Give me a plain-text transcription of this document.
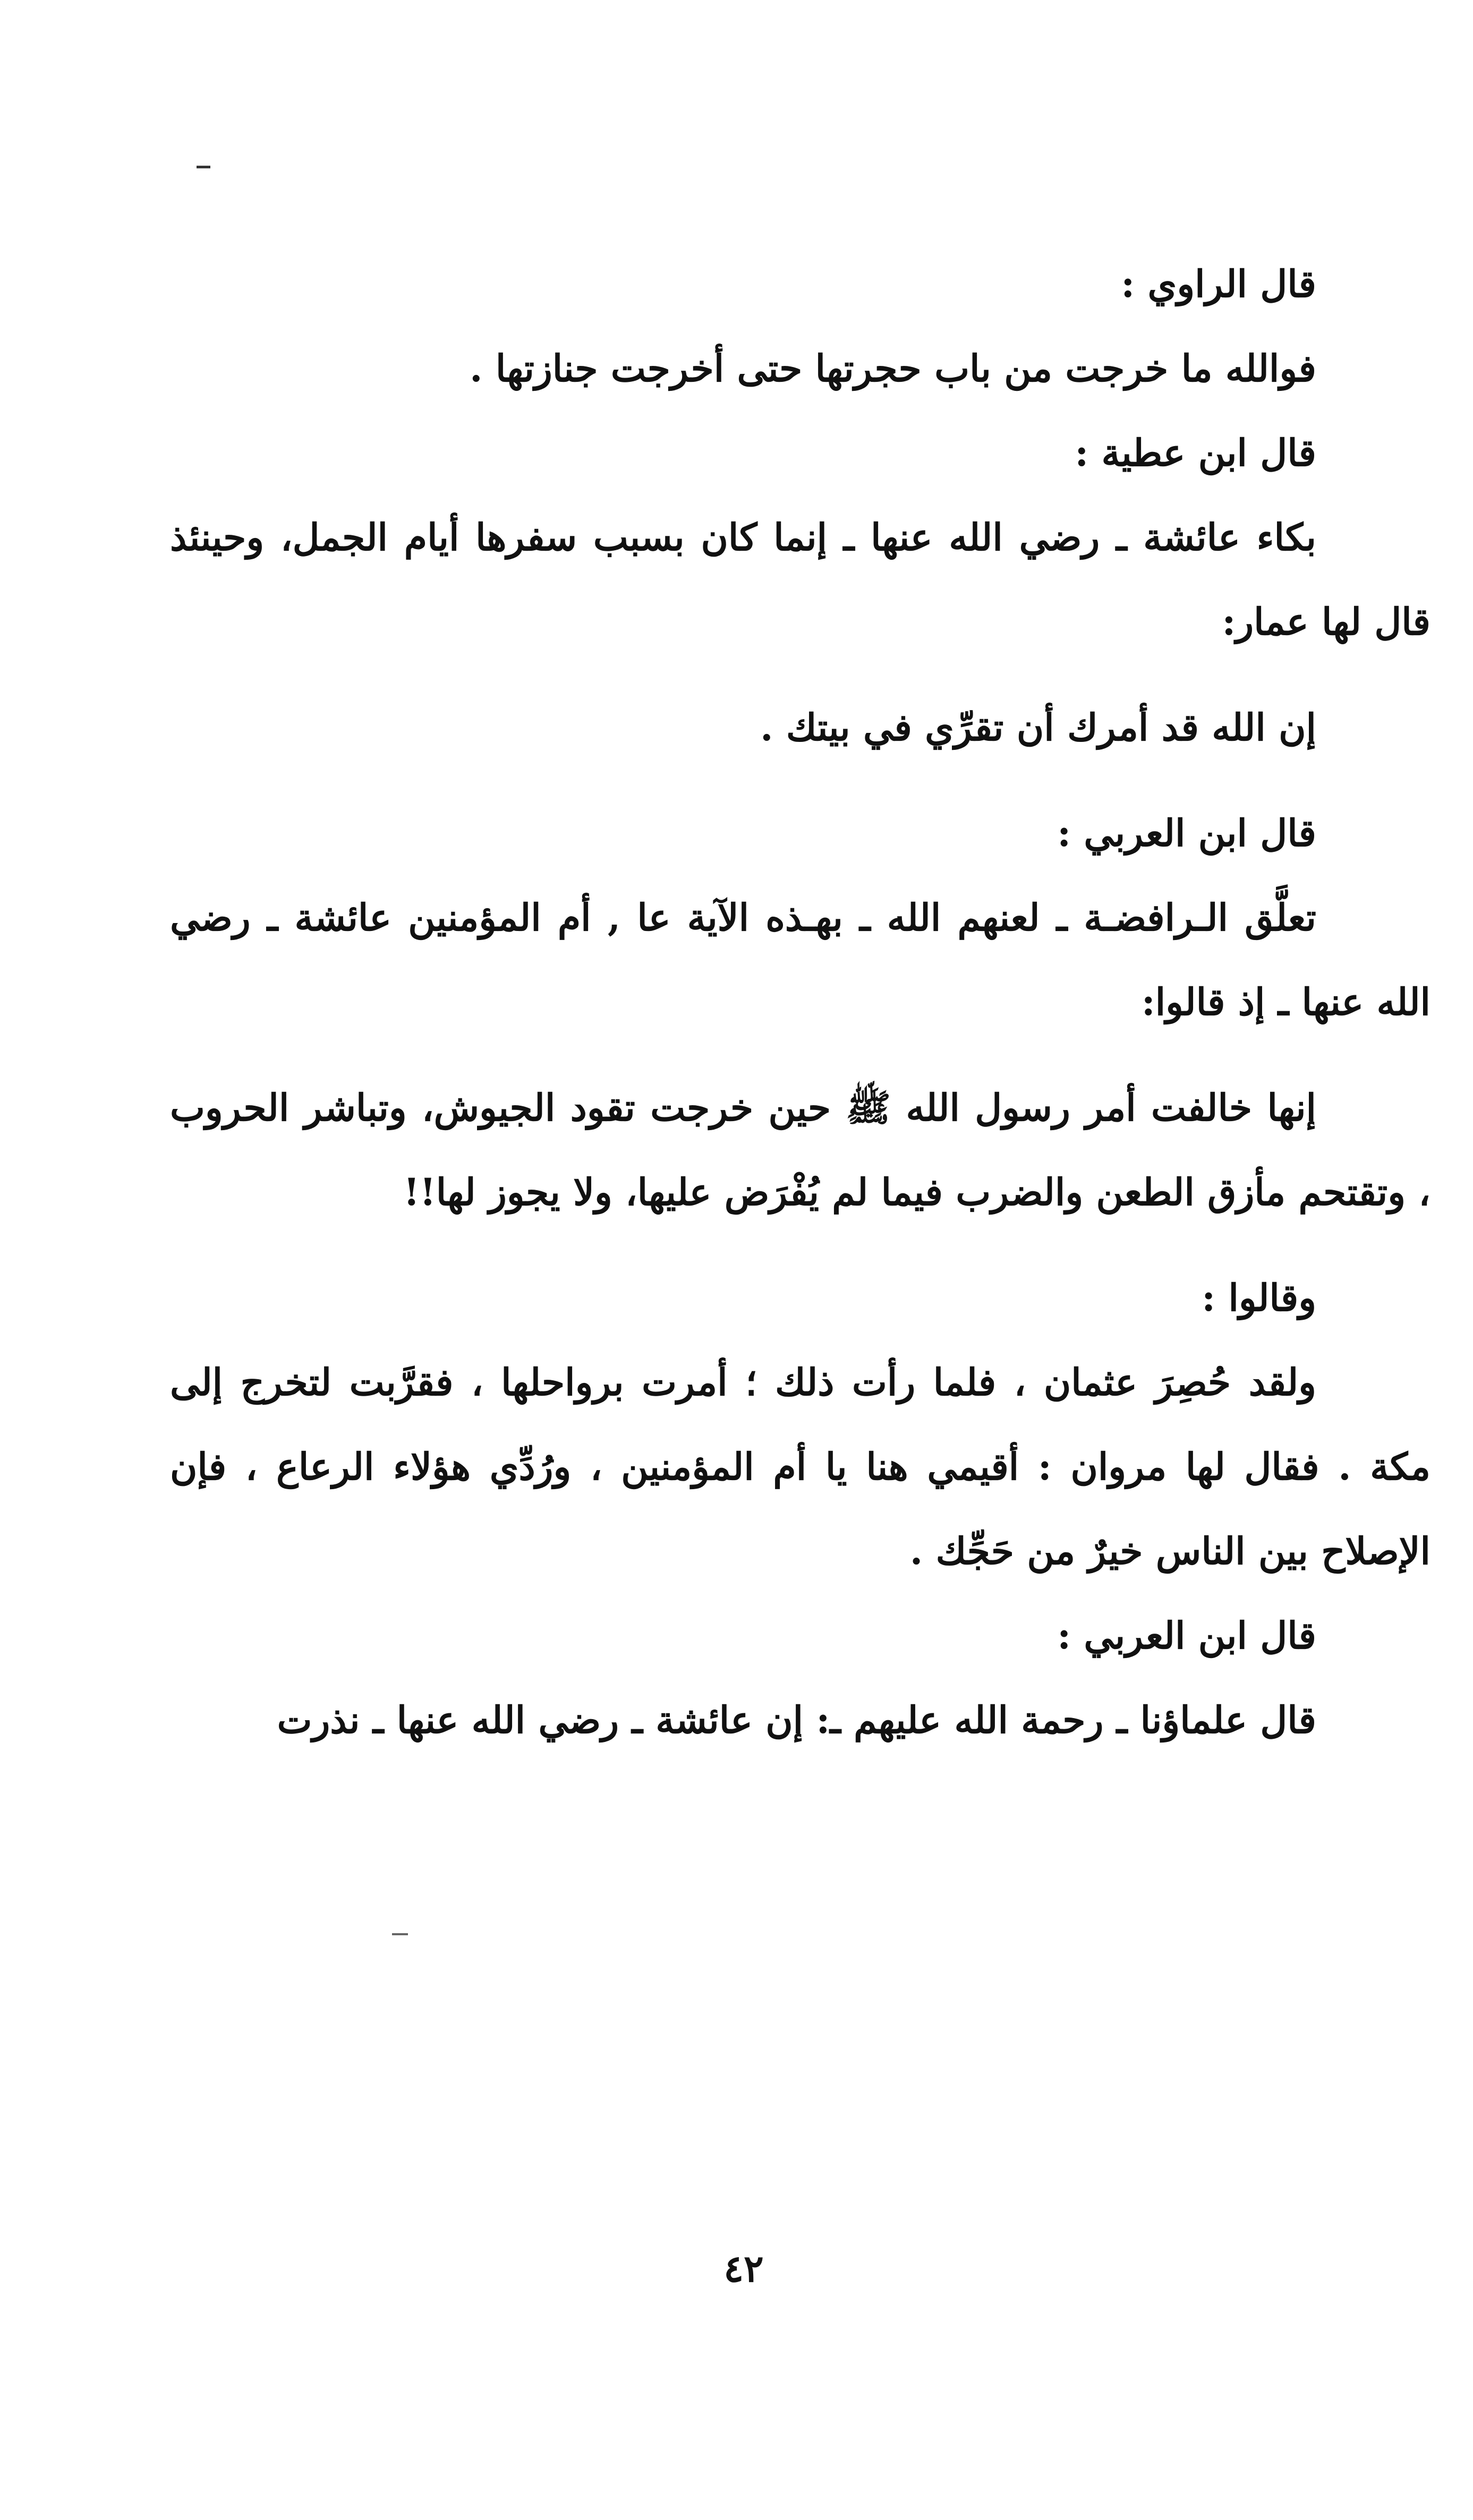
قال الراوي :

فوالله ما خرجت من باب حجرتها حتى أخرجت جنازتها .

قال ابن عطية :

بكاء عائشة ـ رضي الله عنها ـ إنما كان بسبب سفرها أيام الجمل، وحينئذ قال لها عمار:

إن الله قد أمرك أن تقرِّي في بيتك .

قال ابن العربي :

تعلَّق الـرافضـة ـ لعنهم الله ـ بهـذه الآية عا , أم المؤمنين عائشة ـ رضي الله عنها ـ إذ قالوا:

إنها خالفت أمر رسول الله ﷺ حين خرجت تقود الجيوش، وتباشر الحروب ، وتقتحم مأزق الطعن والضرب فيما لم يُفْرَض عليها، ولا يجوز لها!!

وقالوا :

ولقد حُصِرَ عثمان ، فلما رأت ذلك ؛ أمرت برواحلها ، فقرَّبت لتخرج إلى مكة . فقال لها مروان : أقيمي هنا يا أم المؤمنين ، ورُدِّي هؤلاء الرعاع ، فإن الإصلاح بين الناس خيرٌ من حَجِّك .

قال ابن العربي :

قال علماؤنا ـ رحمة الله عليهم ـ: إن عائشة ـ رضي الله عنها ـ نذرت

٤٢
